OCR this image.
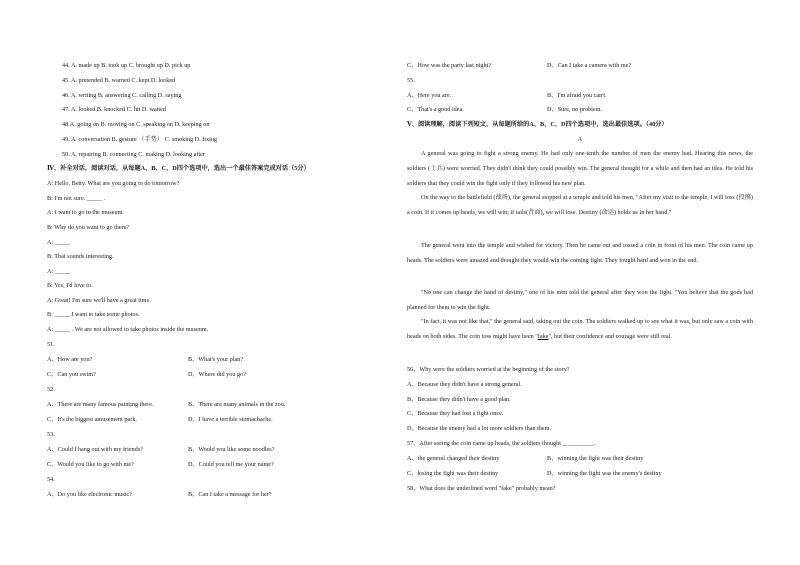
44. A. made up B. took up C. brought up D. pick up
45. A. pretended B. warned C. kept D. looked
46. A. writing B. answering C. calling D. saying
47. A. looked B. knocked C. hit D. waited
48.A. going on B. moving on C. speaking on D. keeping on
49. A. conversation B. gesture （手势） C. smoking D. fixing
50. A. repairing B. connecting C. making D. looking after
Ⅳ、补全对话，阅读对话，从每题A、B、C、D四个选项中，选出一个最佳答案完成对话（5分）
A: Hello, Betty. What are you going to do tomorrow?
B: I'm not sure. _____ .
A: I want to go to the museum.
B: Why do you want to go there?
A: _____
B: That sounds interesting.
A: _____
B: Yes, I'd love to.
A: Great! I'm sure we'll have a great time.
B: _____ I want to take some photos.
A: _____ . We are not allowed to take photos inside the museum.
51.
A、How are you?	B、What's your plan?
C、Can you swim?	D、Where did you go?
52.
A、There are many famous painting there.	B、There are many animals in the zoo.
C、It's the biggest amusement park.	D、I have a terrible stomachache.
53.
A、Could I hang out with my friends?	B、Would you like some noodles?
C、Would you like to go with me?	D、Could you tell me your name?
54.
A、Do you like electronic music?	B、Can I take a message for her?
C、How was the party last night?	D、Can I take a camera with me?
55.
A、Here you are.	B、I'm afraid you can't.
C、That's a good idea.	D、Sure, no problem.
Ⅴ、阅读理解，阅读下列短文，从每题所给的A、B、C、D四个选项中，选出最佳选项。（40分）
A
A general was going to fight a strong enemy. He had only one-tenth the number of men the enemy had. Hearing this news, the soldiers (士兵) were worried. They didn't think they could possibly win. The general thought for a while and then had an idea. He told his soldiers that they could win the fight only if they followed his new plan.
On the way to the battlefield (战场), the general stopped at a temple and told his men, "After my visit to the temple, I will toss (投掷) a coin. If it comes up heads, we will win; if tails(背面), we will lose. Destiny (命运) holds us in her hand."
The general went into the temple and wished for victory. Then he came out and tossed a coin in front of his men. The coin came up heads. The soldiers were amazed and thought they would win the coming fight. They fought hard and won in the end.
"No one can change the hand of destiny," one of his men told the general after they won the fight. "You believe that the gods had planned for them to win the fight.
"In fact, it was not like that," the general said, taking out the coin. The soldiers walked up to see what it was, but only saw a coin with heads on both sides. The coin toss might have been "fake", but their confidence and courage were still real.
56、Why were the soldiers worried at the beginning of the story?
A、Because they didn't have a strong general.
B、Because they didn't have a good plan.
C、Because they had lost a fight once.
D、Because the enemy had a lot more soldiers than them.
57、After seeing the coin came up heads, the soldiers thought __________.
A、the general changed their destiny	B、winning the fight was their destiny
C、losing the fight was their destiny	D、winning the fight was the enemy's destiny
58、What does the underlined word "fake" probably mean?
